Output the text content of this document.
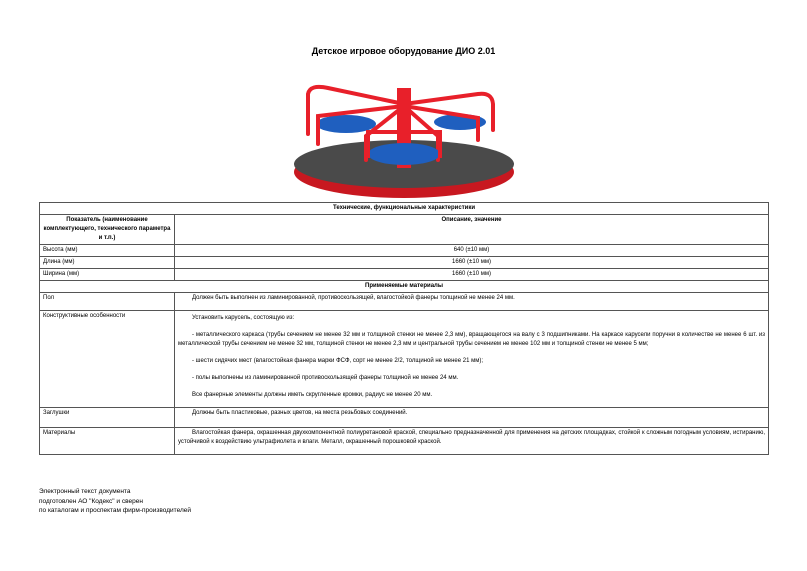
Детское игровое оборудование ДИО 2.01
Технические, функциональные характеристики	
Показатель (наименование комплектующего, технического параметра и т.п.)	Описание, значение
Высота (мм)	640 (±10 мм)
Длина (мм)	1660 (±10 мм)
Ширина (мм)	1660 (±10 мм)
Применяемые материалы	
Пол	Должен быть выполнен из ламинированной, противоскользящей, влагостойкой фанеры толщиной не менее 24 мм.
Конструктивные особенности	Установить карусель, состоящую из:

- металлического каркаса (трубы сечением не менее 32 мм и толщиной стенки не менее 2,3 мм), вращающегося на валу с 3 подшипниками. На каркасе карусели поручни в количестве не менее 6 шт. из металлической трубы сечением не менее 32 мм, толщиной стенки не менее 2,3 мм и центральной трубы сечением не менее 102 мм и толщиной стенки не менее 5 мм;

- шести сидячих мест (влагостойкая фанера марки ФСФ, сорт не менее 2/2, толщиной не менее 21 мм);

- полы выполнены из ламинированной противоскользящей фанеры толщиной не менее 24 мм.

Все фанерные элементы должны иметь скругленные кромки, радиус не менее 20 мм.

Заглушки	Должны быть пластиковые, разных цветов, на места резьбовых соединений.
Материалы	Влагостойкая фанера, окрашенная двухкомпонентной полиуретановой краской, специально предназначенной для применения на детских площадках, стойкой к сложным погодным условиям, истиранию, устойчивой к воздействию ультрафиолета и влаги. Металл, окрашенный порошковой краской.
Электронный текст документа
подготовлен АО "Кодекс" и сверен
по каталогам и проспектам фирм-производителей
